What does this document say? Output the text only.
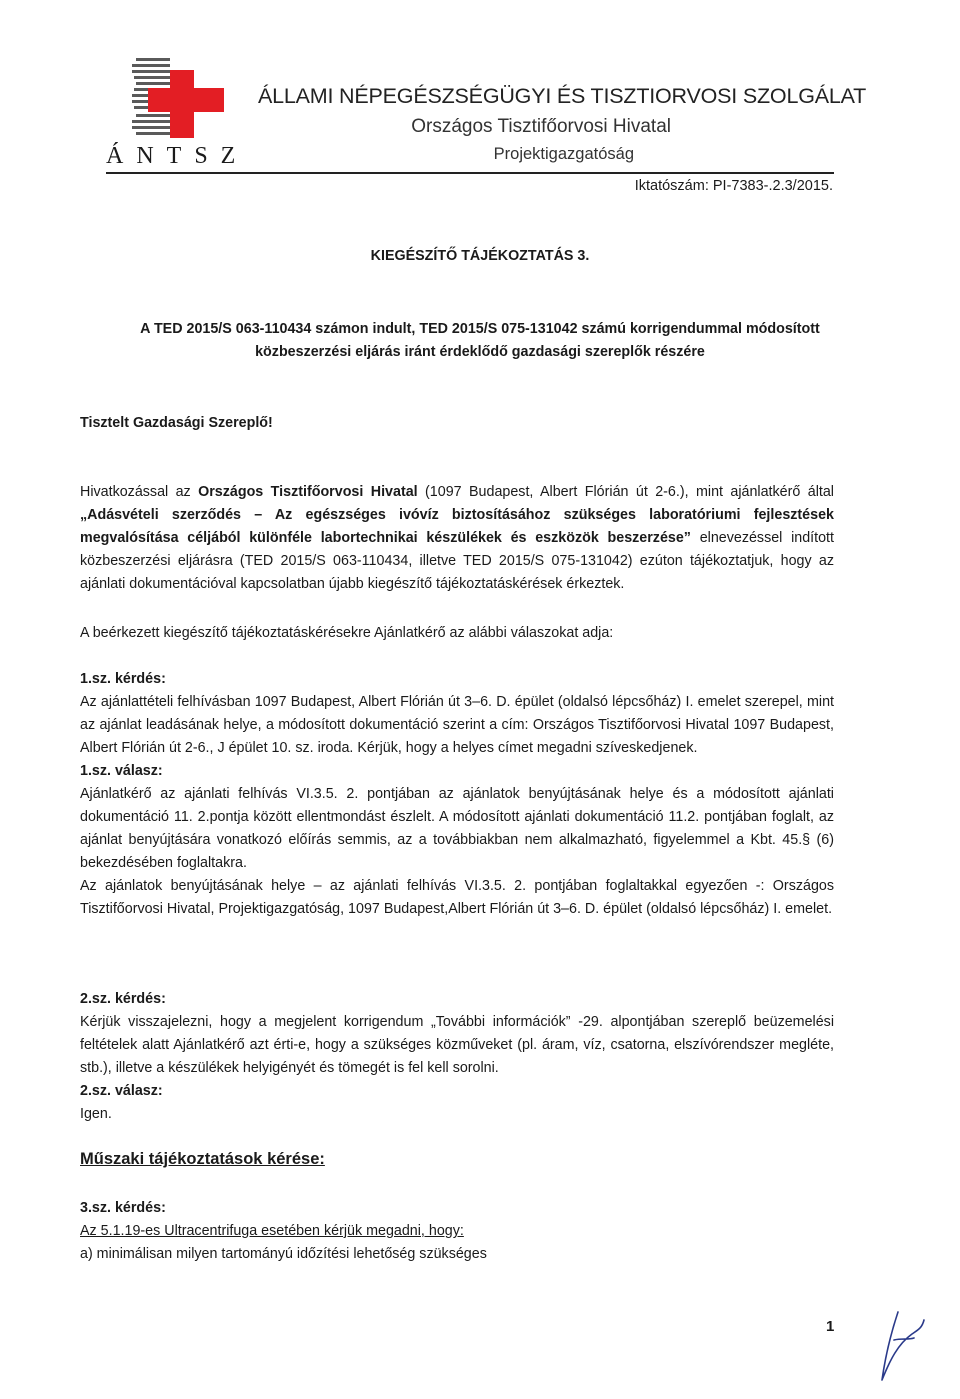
ÁNTSZ
ÁLLAMI NÉPEGÉSZSÉGÜGYI ÉS TISZTIORVOSI SZOLGÁLAT
Országos Tisztifőorvosi Hivatal
Projektigazgatóság
Iktatószám: PI-7383-.2.3/2015.
KIEGÉSZÍTŐ TÁJÉKOZTATÁS 3.
A TED 2015/S 063-110434 számon indult, TED 2015/S 075-131042 számú korrigendummal módosított
közbeszerzési eljárás iránt érdeklődő gazdasági szereplők részére
Tisztelt Gazdasági Szereplő!
Hivatkozással az Országos Tisztifőorvosi Hivatal (1097 Budapest, Albert Flórián út 2-6.), mint ajánlatkérő által „Adásvételi szerződés – Az egészséges ivóvíz biztosításához szükséges laboratóriumi fejlesztések megvalósítása céljából különféle labortechnikai készülékek és eszközök beszerzése” elnevezéssel indított közbeszerzési eljárásra (TED 2015/S 063-110434, illetve TED 2015/S 075-131042) ezúton tájékoztatjuk, hogy az ajánlati dokumentációval kapcsolatban újabb kiegészítő tájékoztatáskérések érkeztek.
A beérkezett kiegészítő tájékoztatáskérésekre Ajánlatkérő az alábbi válaszokat adja:
1.sz. kérdés:
Az ajánlattételi felhívásban 1097 Budapest, Albert Flórián út 3–6. D. épület (oldalsó lépcsőház) I. emelet szerepel, mint az ajánlat leadásának helye, a módosított dokumentáció szerint a cím: Országos Tisztifőorvosi Hivatal 1097 Budapest, Albert Flórián út 2-6., J épület 10. sz. iroda. Kérjük, hogy a helyes címet megadni szíveskedjenek.
1.sz. válasz:
Ajánlatkérő az ajánlati felhívás VI.3.5. 2. pontjában az ajánlatok benyújtásának helye és a módosított ajánlati dokumentáció 11. 2.pontja között ellentmondást észlelt. A módosított ajánlati dokumentáció 11.2. pontjában foglalt, az ajánlat benyújtására vonatkozó előírás semmis, az a továbbiakban nem alkalmazható, figyelemmel a Kbt. 45.§ (6) bekezdésében foglaltakra.
Az ajánlatok benyújtásának helye – az ajánlati felhívás VI.3.5. 2. pontjában foglaltakkal egyezően -: Országos Tisztifőorvosi Hivatal, Projektigazgatóság, 1097 Budapest,Albert Flórián út 3–6. D. épület (oldalsó lépcsőház) I. emelet.
2.sz. kérdés:
Kérjük visszajelezni, hogy a megjelent korrigendum „További információk” -29. alpontjában szereplő beüzemelési feltételek alatt Ajánlatkérő azt érti-e, hogy a szükséges közműveket (pl. áram, víz, csatorna, elszívórendszer megléte, stb.), illetve a készülékek helyigényét és tömegét is fel kell sorolni.
2.sz. válasz:
Igen.
Műszaki tájékoztatások kérése:
3.sz. kérdés:
Az 5.1.19-es Ultracentrifuga esetében kérjük megadni, hogy:
a) minimálisan milyen tartományú időzítési lehetőség szükséges
1
